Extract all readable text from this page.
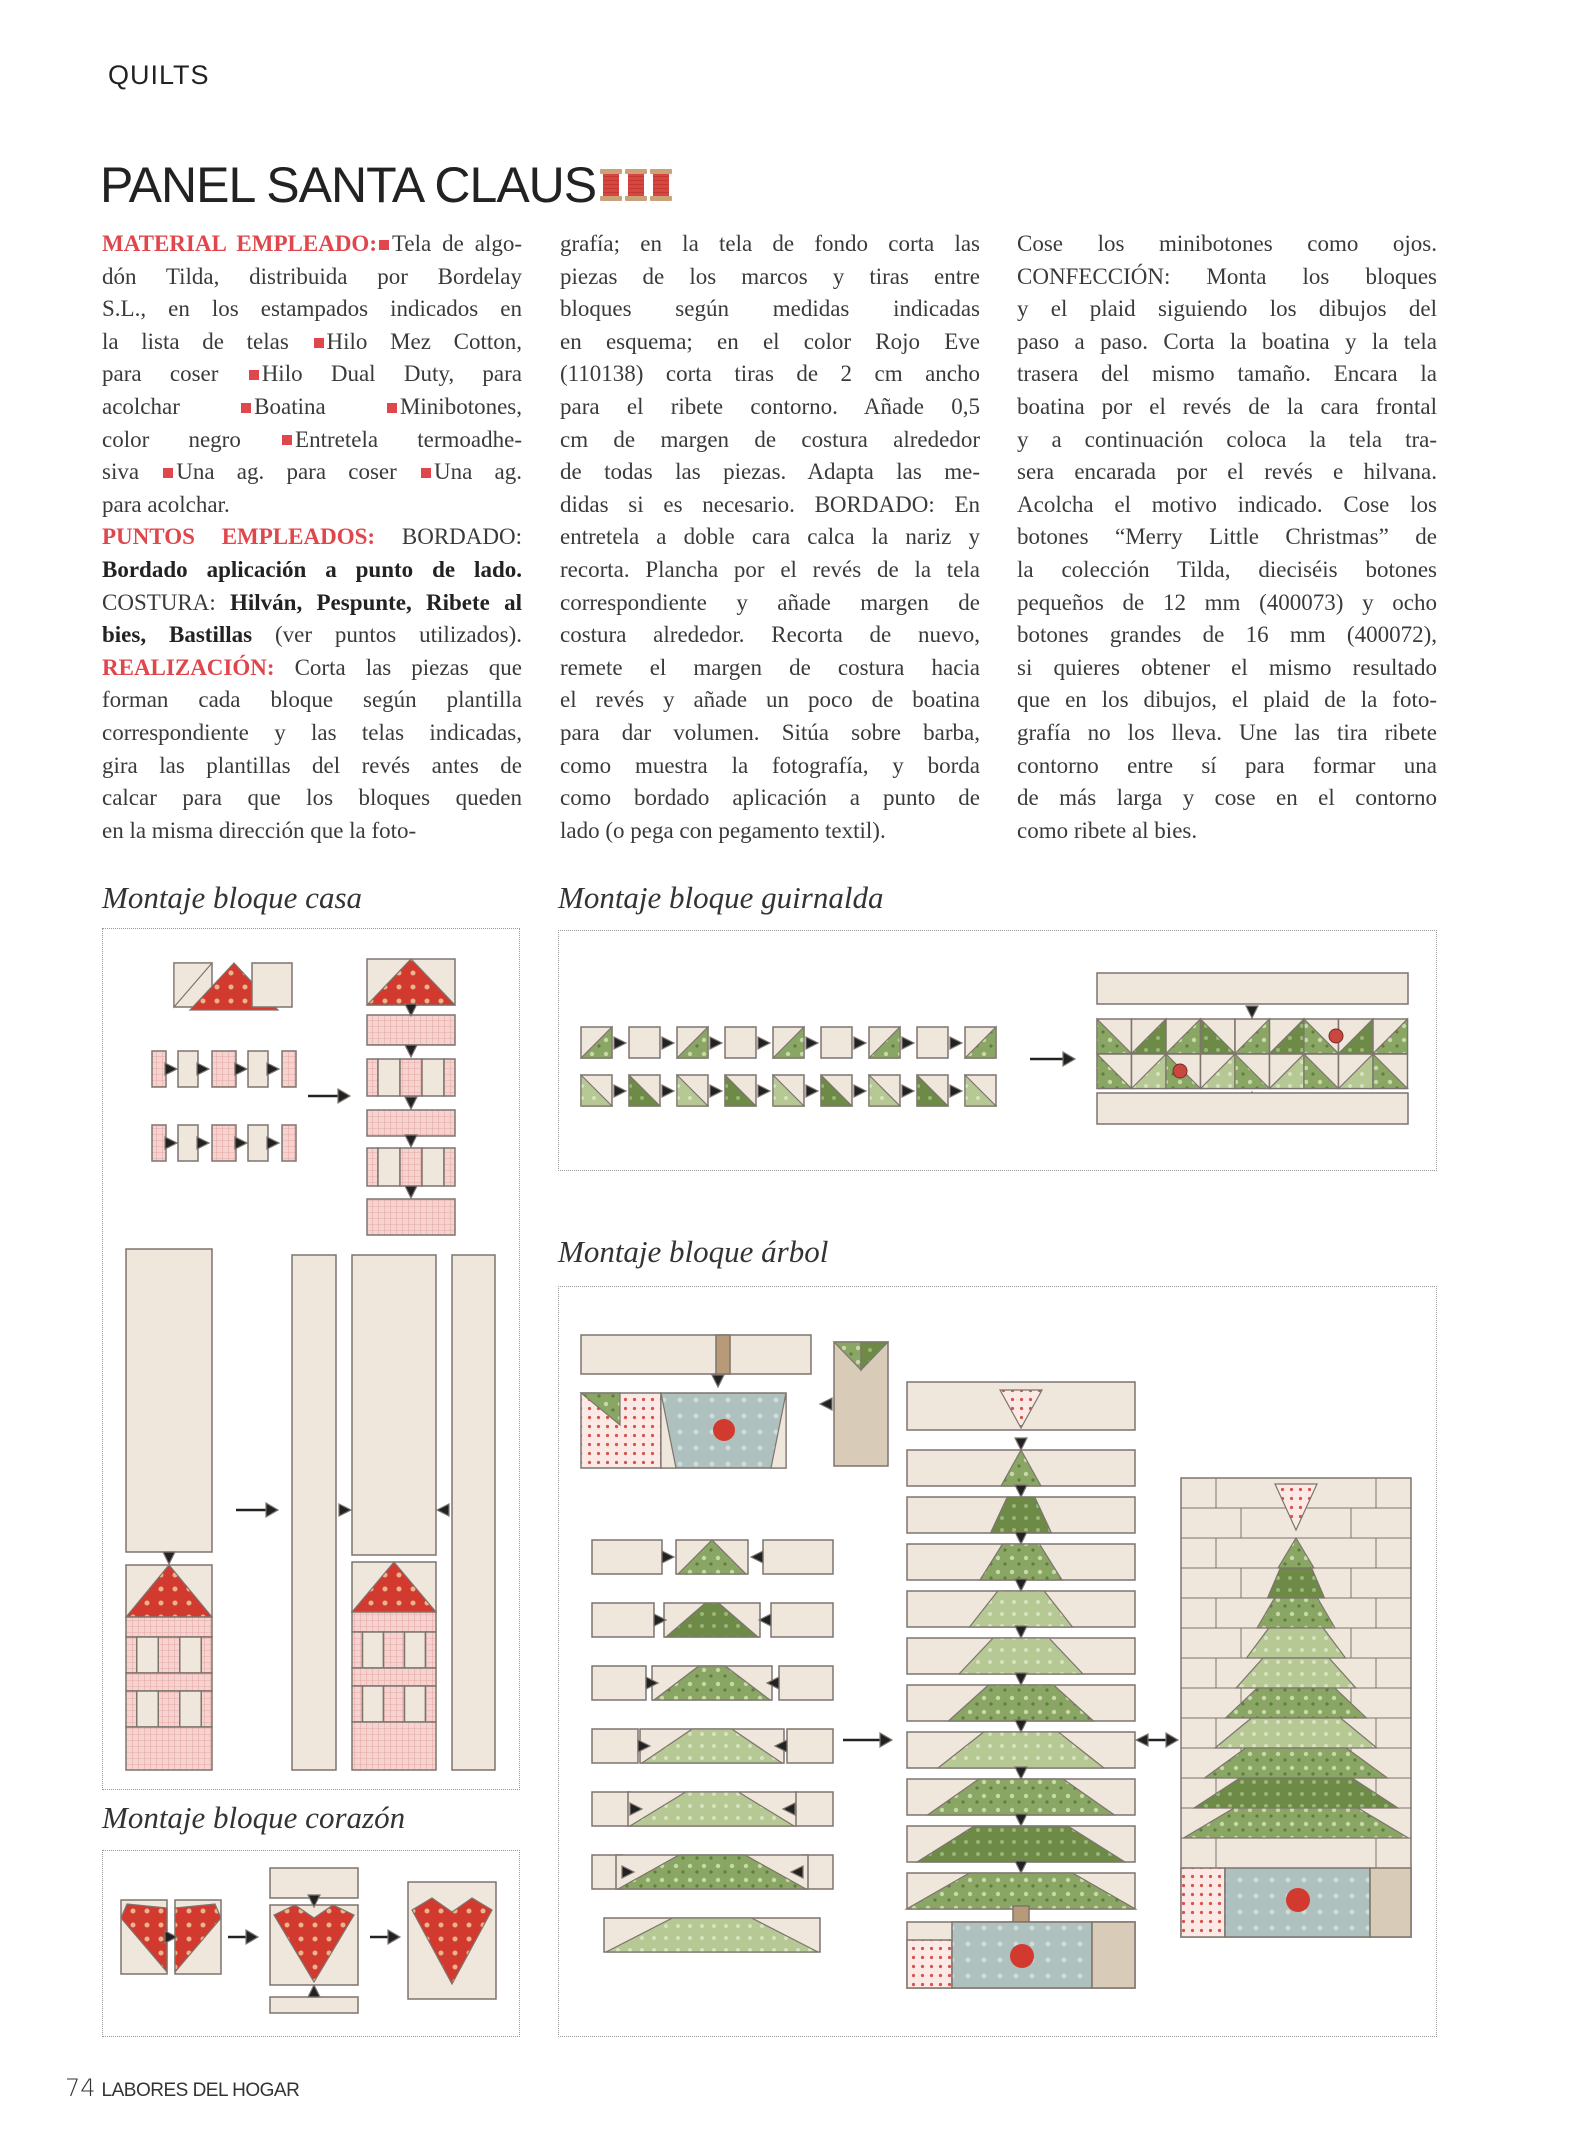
QUILTS
PANEL SANTA CLAUS
MATERIAL EMPLEADO: Tela de algo-
dón Tilda, distribuida por Bordelay
S.L., en los estampados indicados en
la lista de telas Hilo Mez Cotton,
para coser Hilo Dual Duty, para
acolchar Boatina Minibotones,
color negro Entretela termoadhe-
siva Una ag. para coser Una ag.
para acolchar.
PUNTOS EMPLEADOS: BORDADO:
Bordado aplicación a punto de lado.
COSTURA: Hilván, Pespunte, Ribete al
bies, Bastillas (ver puntos utilizados).
REALIZACIÓN: Corta las piezas que
forman cada bloque según plantilla
correspondiente y las telas indicadas,
gira las plantillas del revés antes de
calcar para que los bloques queden
en la misma dirección que la foto-
grafía; en la tela de fondo corta las
piezas de los marcos y tiras entre
bloques según medidas indicadas
en esquema; en el color Rojo Eve
(110138) corta tiras de 2 cm ancho
para el ribete contorno. Añade 0,5
cm de margen de costura alrededor
de todas las piezas. Adapta las me-
didas si es necesario. BORDADO: En
entretela a doble cara calca la nariz y
recorta. Plancha por el revés de la tela
correspondiente y añade margen de
costura alrededor. Recorta de nuevo,
remete el margen de costura hacia
el revés y añade un poco de boatina
para dar volumen. Sitúa sobre barba,
como muestra la fotografía, y borda
como bordado aplicación a punto de
lado (o pega con pegamento textil).
Cose los minibotones como ojos.
CONFECCIÓN: Monta los bloques
y el plaid siguiendo los dibujos del
paso a paso. Corta la boatina y la tela
trasera del mismo tamaño. Encara la
boatina por el revés de la cara frontal
y a continuación coloca la tela tra-
sera encarada por el revés e hilvana.
Acolcha el motivo indicado. Cose los
botones “Merry Little Christmas” de
la colección Tilda, dieciséis botones
pequeños de 12 mm (400073) y ocho
botones grandes de 16 mm (400072),
si quieres obtener el mismo resultado
que en los dibujos, el plaid de la foto-
grafía no los lleva. Une las tira ribete
contorno entre sí para formar una
de más larga y cose en el contorno
como ribete al bies.
Montaje bloque casa	Montaje bloque guirnalda
Montaje bloque árbol
Montaje bloque corazón
74 LABORES DEL HOGAR
